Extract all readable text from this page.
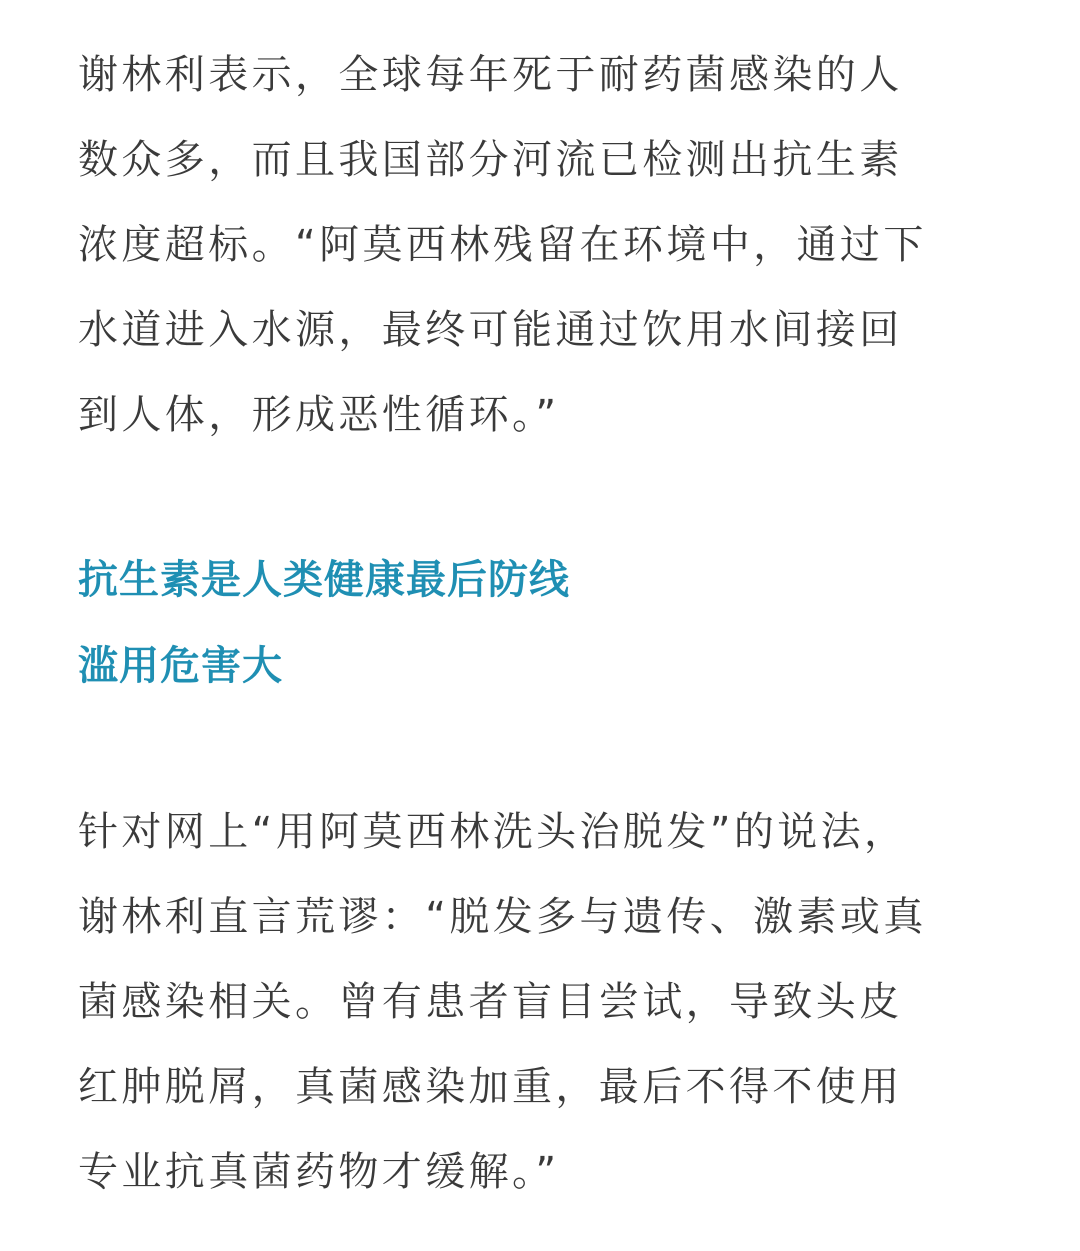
谢林利表示，全球每年死于耐药菌感染的人
数众多，而且我国部分河流已检测出抗生素
浓度超标。“阿莫西林残留在环境中，通过下
水道进入水源，最终可能通过饮用水间接回
到人体，形成恶性循环。”

抗生素是人类健康最后防线
滥用危害大

针对网上“用阿莫西林洗头治脱发”的说法，
谢林利直言荒谬：“脱发多与遗传、激素或真
菌感染相关。曾有患者盲目尝试，导致头皮
红肿脱屑，真菌感染加重，最后不得不使用
专业抗真菌药物才缓解。”
